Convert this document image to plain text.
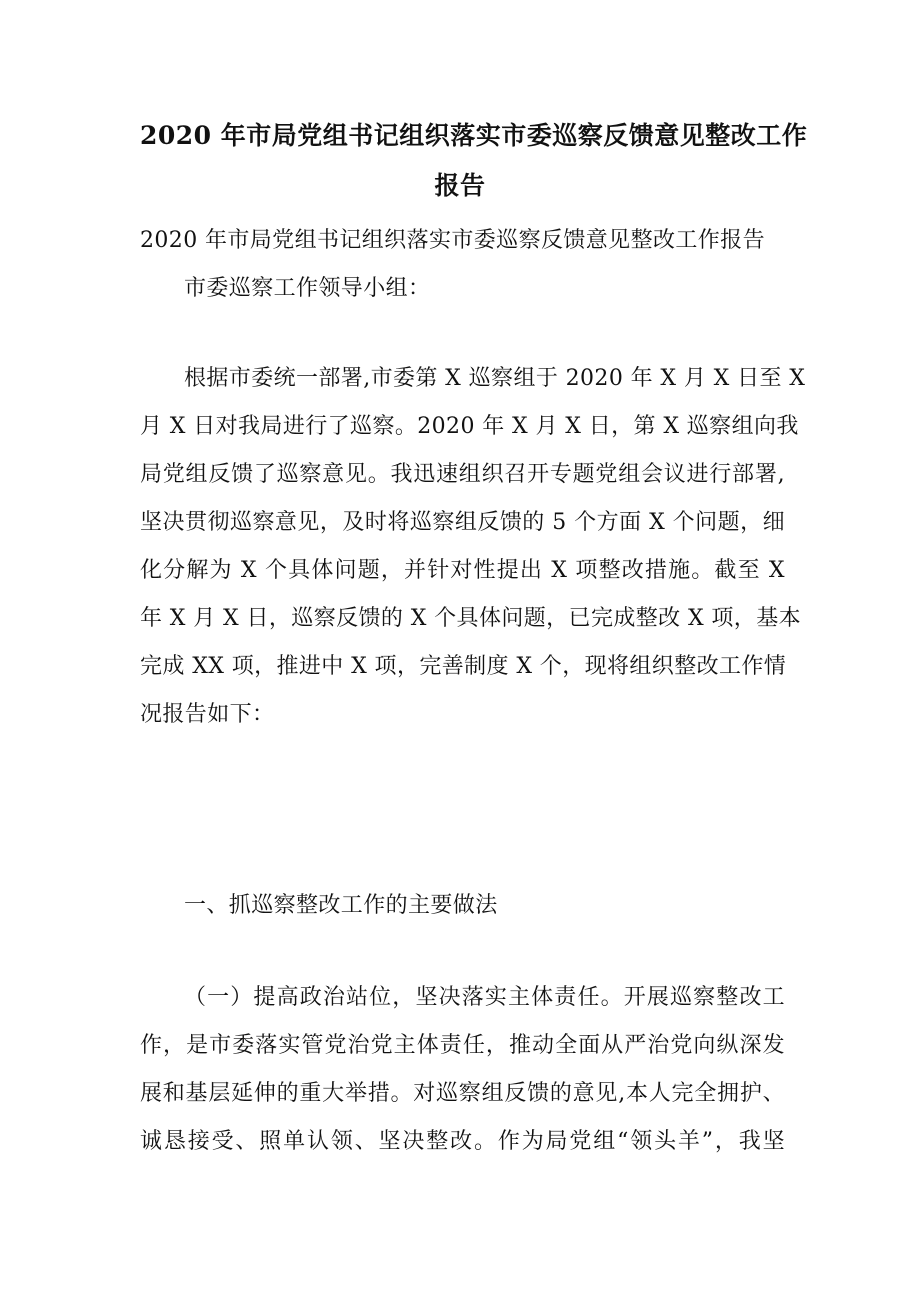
2020 年市局党组书记组织落实市委巡察反馈意见整改工作
报告

2020 年市局党组书记组织落实市委巡察反馈意见整改工作报告

市委巡察工作领导小组：

根据市委统一部署,市委第 X 巡察组于 2020 年 X 月 X 日至 X
月 X 日对我局进行了巡察。2020 年 X 月 X 日，第 X 巡察组向我
局党组反馈了巡察意见。我迅速组织召开专题党组会议进行部署,
坚决贯彻巡察意见，及时将巡察组反馈的 5 个方面 X 个问题，细
化分解为 X 个具体问题，并针对性提出 X 项整改措施。截至 X
年 X 月 X 日，巡察反馈的 X 个具体问题，已完成整改 X 项，基本
完成 XX 项，推进中 X 项，完善制度 X 个，现将组织整改工作情
况报告如下：

一、抓巡察整改工作的主要做法

（一）提高政治站位，坚决落实主体责任。开展巡察整改工
作，是市委落实管党治党主体责任，推动全面从严治党向纵深发
展和基层延伸的重大举措。对巡察组反馈的意见,本人完全拥护、
诚恳接受、照单认领、坚决整改。作为局党组“领头羊”，我坚
